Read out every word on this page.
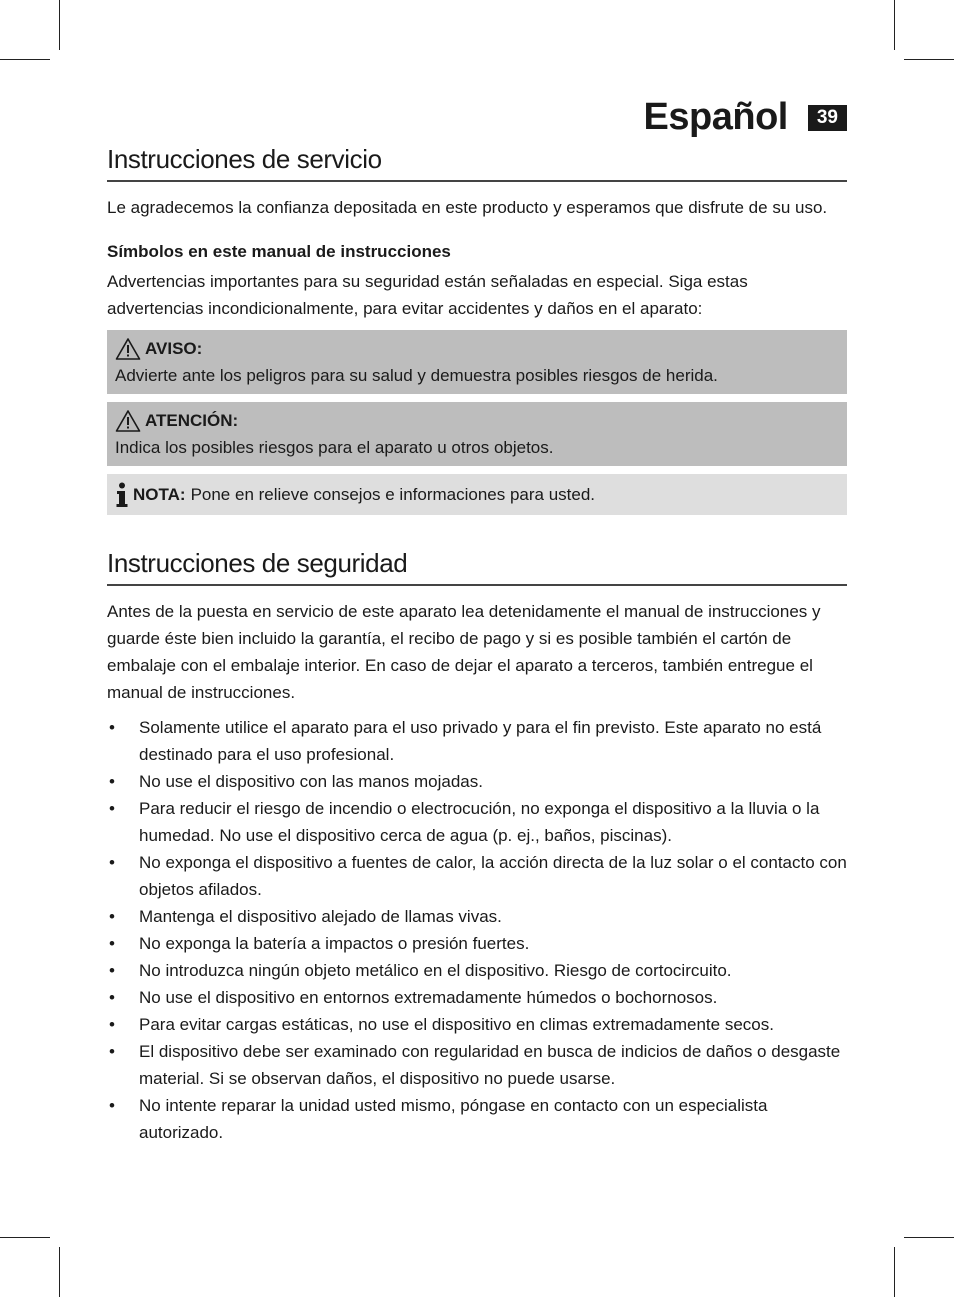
Español	39
Instrucciones de servicio

Le agradecemos la confianza depositada en este producto y esperamos que disfrute de su uso.

Símbolos en este manual de instrucciones

Advertencias importantes para su seguridad están señaladas en especial. Siga estas advertencias incondicionalmente, para evitar accidentes y daños en el aparato:

AVISO:
Advierte ante los peligros para su salud y demuestra posibles riesgos de herida.
ATENCIÓN:
Indica los posibles riesgos para el aparato u otros objetos.
NOTA: Pone en relieve consejos e informaciones para usted.
Instrucciones de seguridad

Antes de la puesta en servicio de este aparato lea detenidamente el manual de instrucciones y guarde éste bien incluido la garantía, el recibo de pago y si es posible también el cartón de embalaje con el embalaje interior. En caso de dejar el aparato a terceros, también entregue el manual de instrucciones.

• Solamente utilice el aparato para el uso privado y para el fin previsto. Este aparato no está destinado para el uso profesional.
• No use el dispositivo con las manos mojadas.
• Para reducir el riesgo de incendio o electrocución, no exponga el dispositivo a la lluvia o la humedad. No use el dispositivo cerca de agua (p. ej., baños, piscinas).
• No exponga el dispositivo a fuentes de calor, la acción directa de la luz solar o el contacto con objetos afilados.
• Mantenga el dispositivo alejado de llamas vivas.
• No exponga la batería a impactos o presión fuertes.
• No introduzca ningún objeto metálico en el dispositivo. Riesgo de cortocircuito.
• No use el dispositivo en entornos extremadamente húmedos o bochornosos.
• Para evitar cargas estáticas, no use el dispositivo en climas extremadamente secos.
• El dispositivo debe ser examinado con regularidad en busca de indicios de daños o desgaste material. Si se observan daños, el dispositivo no puede usarse.
• No intente reparar la unidad usted mismo, póngase en contacto con un especialista autorizado.
